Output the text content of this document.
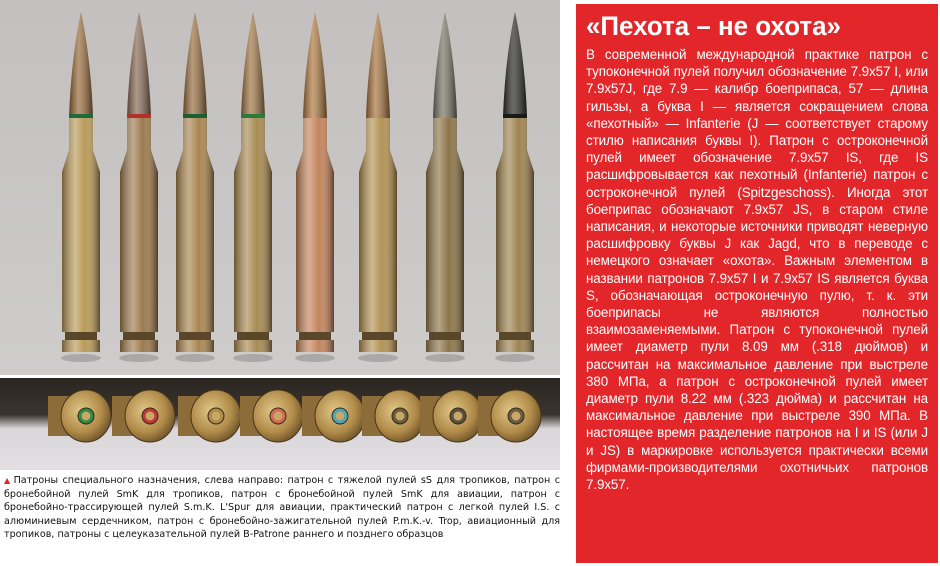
▲ Патроны специального назначения, слева направо: патрон с тяжелой пулей sS для тропиков, патрон с бронебойной пулей SmK для тропиков, патрон с бронебойной пулей SmK для авиации, патрон с бронебойно-трассирующей пулей S.m.K. L'Spur для авиации, практический патрон с легкой пулей I.S. с алюминиевым сердечником, патрон с бронебойно-зажигательной пулей P.m.K.-v. Trop, авиационный для тропиков, патроны с целеуказательной пулей B-Patrone раннего и позднего образцов
«Пехота – не охота»

В современной международной практике патрон с тупоконечной пулей получил обозначение 7.9x57 I, или 7.9x57J, где 7.9 — калибр боеприпаса, 57 — длина гильзы, а буква I — является сокращением слова «пехотный» — Infanterie (J — соответствует старому стилю написания буквы I). Патрон с остроконечной пулей имеет обозначение 7.9x57 IS, где IS расшифровывается как пехотный (Infanterie) патрон с остроконечной пулей (Spitzgeschoss). Иногда этот боеприпас обозначают 7.9x57 JS, в старом стиле написания, и некоторые источники приводят неверную расшифровку буквы J как Jagd, что в переводе с немецкого означает «охота». Важным элементом в названии патронов 7.9x57 I и 7.9x57 IS является буква S, обозначающая остроконечную пулю, т. к. эти боеприпасы не являются полностью взаимозаменяемыми. Патрон с тупоконечной пулей имеет диаметр пули 8.09 мм (.318 дюймов) и рассчитан на максимальное давление при выстреле 380 МПа, а патрон с остроконечной пулей имеет диаметр пули 8.22 мм (.323 дюйма) и рассчитан на максимальное давление при выстреле 390 МПа. В настоящее время разделение патронов на I и IS (или J и JS) в маркировке используется практически всеми фирмами-производителями охотничьих патронов 7.9x57.
